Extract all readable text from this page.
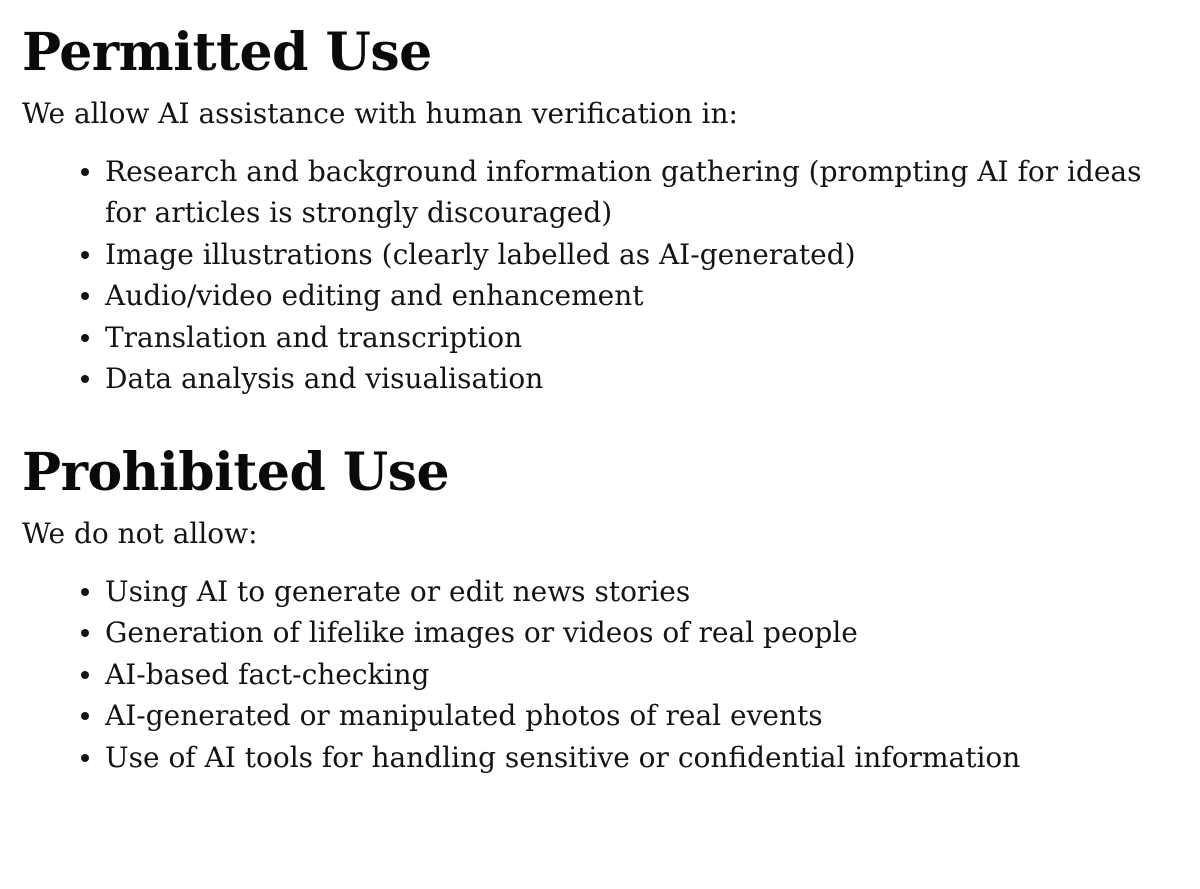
Permitted Use

We allow AI assistance with human verification in:

Research and background information gathering (prompting AI for ideas for articles is strongly discouraged)
Image illustrations (clearly labelled as AI-generated)
Audio/video editing and enhancement
Translation and transcription
Data analysis and visualisation
Prohibited Use

We do not allow:

Using AI to generate or edit news stories
Generation of lifelike images or videos of real people
AI-based fact-checking
AI-generated or manipulated photos of real events
Use of AI tools for handling sensitive or confidential information
